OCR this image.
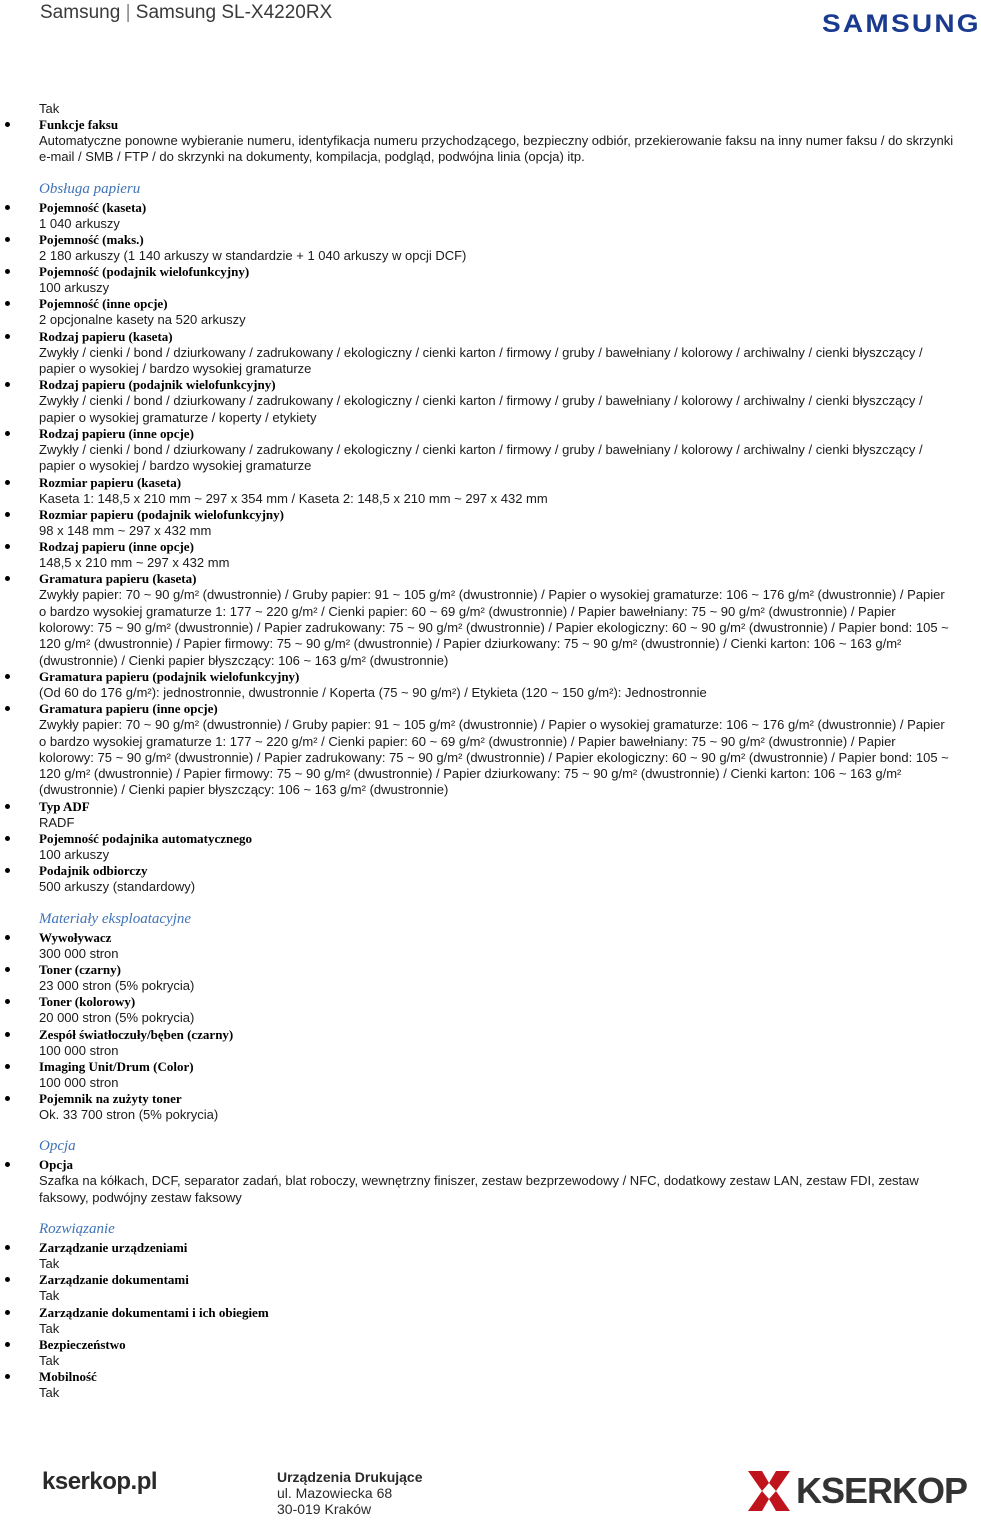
Samsung | Samsung SL-X4220RX	SAMSUNG
Tak
Funkcje faksu
Automatyczne ponowne wybieranie numeru, identyfikacja numeru przychodzącego, bezpieczny odbiór, przekierowanie faksu na inny numer faksu / do skrzynki e-mail / SMB / FTP / do skrzynki na dokumenty, kompilacja, podgląd, podwójna linia (opcja) itp.
Obsługa papieru
Pojemność (kaseta)
1 040 arkuszy
Pojemność (maks.)
2 180 arkuszy (1 140 arkuszy w standardzie + 1 040 arkuszy w opcji DCF)
Pojemność (podajnik wielofunkcyjny)
100 arkuszy
Pojemność (inne opcje)
2 opcjonalne kasety na 520 arkuszy
Rodzaj papieru (kaseta)
Zwykły / cienki / bond / dziurkowany / zadrukowany / ekologiczny / cienki karton / firmowy / gruby / bawełniany / kolorowy / archiwalny / cienki błyszczący / papier o wysokiej / bardzo wysokiej gramaturze
Rodzaj papieru (podajnik wielofunkcyjny)
Zwykły / cienki / bond / dziurkowany / zadrukowany / ekologiczny / cienki karton / firmowy / gruby / bawełniany / kolorowy / archiwalny / cienki błyszczący / papier o wysokiej gramaturze / koperty / etykiety
Rodzaj papieru (inne opcje)
Zwykły / cienki / bond / dziurkowany / zadrukowany / ekologiczny / cienki karton / firmowy / gruby / bawełniany / kolorowy / archiwalny / cienki błyszczący / papier o wysokiej / bardzo wysokiej gramaturze
Rozmiar papieru (kaseta)
Kaseta 1: 148,5 x 210 mm ~ 297 x 354 mm / Kaseta 2: 148,5 x 210 mm ~ 297 x 432 mm
Rozmiar papieru (podajnik wielofunkcyjny)
98 x 148 mm ~ 297 x 432 mm
Rodzaj papieru (inne opcje)
148,5 x 210 mm ~ 297 x 432 mm
Gramatura papieru (kaseta)
Zwykły papier: 70 ~ 90 g/m² (dwustronnie) / Gruby papier: 91 ~ 105 g/m² (dwustronnie) / Papier o wysokiej gramaturze: 106 ~ 176 g/m² (dwustronnie) / Papier o bardzo wysokiej gramaturze 1: 177 ~ 220 g/m² / Cienki papier: 60 ~ 69 g/m² (dwustronnie) / Papier bawełniany: 75 ~ 90 g/m² (dwustronnie) / Papier kolorowy: 75 ~ 90 g/m² (dwustronnie) / Papier zadrukowany: 75 ~ 90 g/m² (dwustronnie) / Papier ekologiczny: 60 ~ 90 g/m² (dwustronnie) / Papier bond: 105 ~ 120 g/m² (dwustronnie) / Papier firmowy: 75 ~ 90 g/m² (dwustronnie) / Papier dziurkowany: 75 ~ 90 g/m² (dwustronnie) / Cienki karton: 106 ~ 163 g/m² (dwustronnie) / Cienki papier błyszczący: 106 ~ 163 g/m² (dwustronnie)
Gramatura papieru (podajnik wielofunkcyjny)
(Od 60 do 176 g/m²): jednostronnie, dwustronnie / Koperta (75 ~ 90 g/m²) / Etykieta (120 ~ 150 g/m²): Jednostronnie
Gramatura papieru (inne opcje)
Zwykły papier: 70 ~ 90 g/m² (dwustronnie) / Gruby papier: 91 ~ 105 g/m² (dwustronnie) / Papier o wysokiej gramaturze: 106 ~ 176 g/m² (dwustronnie) / Papier o bardzo wysokiej gramaturze 1: 177 ~ 220 g/m² / Cienki papier: 60 ~ 69 g/m² (dwustronnie) / Papier bawełniany: 75 ~ 90 g/m² (dwustronnie) / Papier kolorowy: 75 ~ 90 g/m² (dwustronnie) / Papier zadrukowany: 75 ~ 90 g/m² (dwustronnie) / Papier ekologiczny: 60 ~ 90 g/m² (dwustronnie) / Papier bond: 105 ~ 120 g/m² (dwustronnie) / Papier firmowy: 75 ~ 90 g/m² (dwustronnie) / Papier dziurkowany: 75 ~ 90 g/m² (dwustronnie) / Cienki karton: 106 ~ 163 g/m² (dwustronnie) / Cienki papier błyszczący: 106 ~ 163 g/m² (dwustronnie)
Typ ADF
RADF
Pojemność podajnika automatycznego
100 arkuszy
Podajnik odbiorczy
500 arkuszy (standardowy)
Materiały eksploatacyjne
Wywoływacz
300 000 stron
Toner (czarny)
23 000 stron (5% pokrycia)
Toner (kolorowy)
20 000 stron (5% pokrycia)
Zespół światłoczuły/bęben (czarny)
100 000 stron
Imaging Unit/Drum (Color)
100 000 stron
Pojemnik na zużyty toner
Ok. 33 700 stron (5% pokrycia)
Opcja
Opcja
Szafka na kółkach, DCF, separator zadań, blat roboczy, wewnętrzny finiszer, zestaw bezprzewodowy / NFC, dodatkowy zestaw LAN, zestaw FDI, zestaw faksowy, podwójny zestaw faksowy
Rozwiązanie
Zarządzanie urządzeniami
Tak
Zarządzanie dokumentami
Tak
Zarządzanie dokumentami i ich obiegiem
Tak
Bezpieczeństwo
Tak
Mobilność
Tak
kserkop.pl	Urządzenia Drukujące
ul. Mazowiecka 68
30-019 Kraków	KSERKOP
